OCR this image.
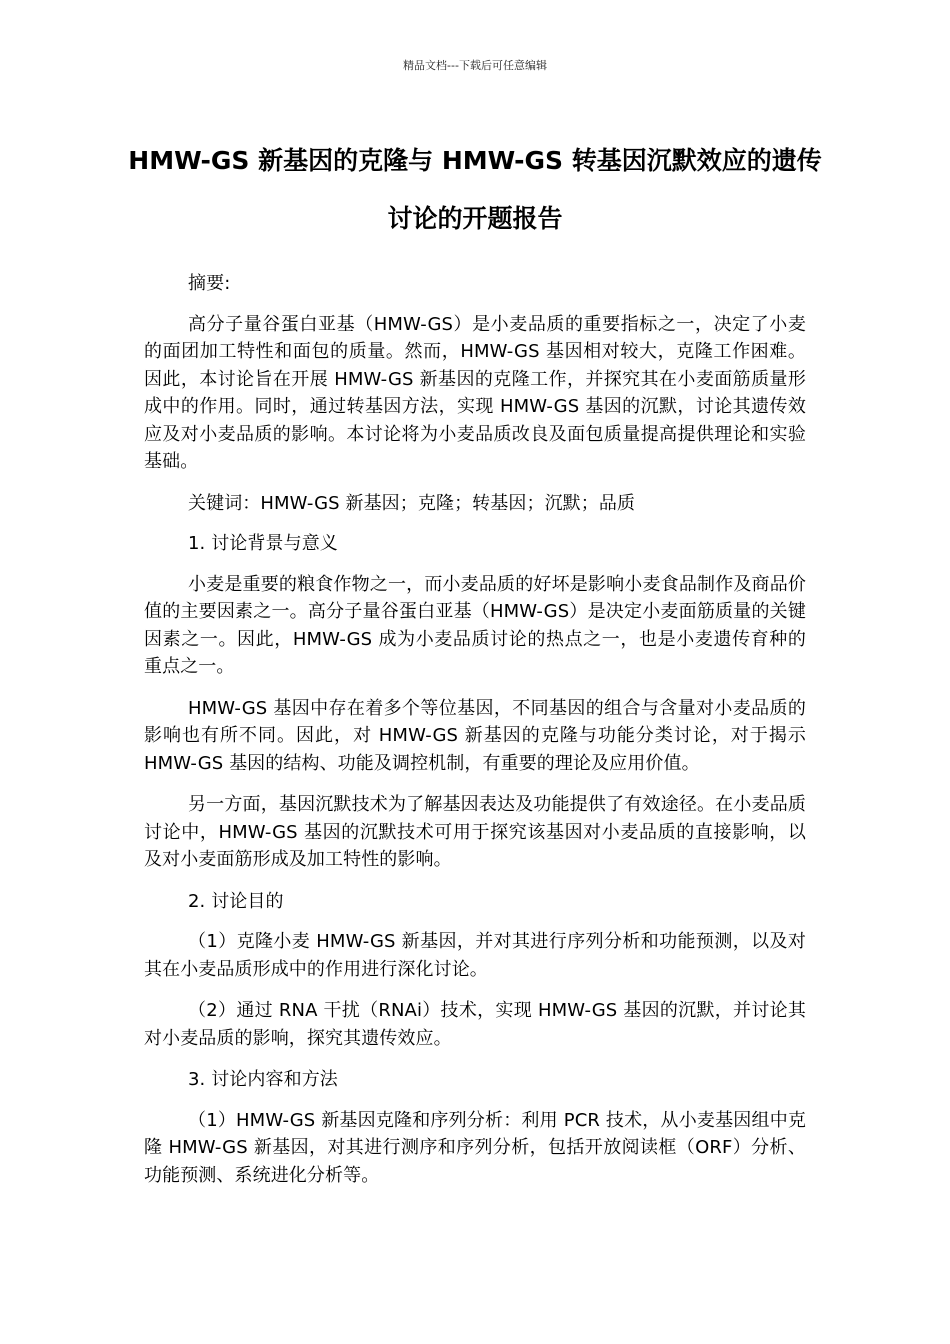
精品文档---下载后可任意编辑
HMW-GS 新基因的克隆与 HMW-GS 转基因沉默效应的遗传讨论的开题报告

摘要:

高分子量谷蛋白亚基（HMW-GS）是小麦品质的重要指标之一，决定了小麦的面团加工特性和面包的质量。然而，HMW-GS 基因相对较大，克隆工作困难。因此，本讨论旨在开展 HMW-GS 新基因的克隆工作，并探究其在小麦面筋质量形成中的作用。同时，通过转基因方法，实现 HMW-GS 基因的沉默，讨论其遗传效应及对小麦品质的影响。本讨论将为小麦品质改良及面包质量提高提供理论和实验基础。

关键词：HMW-GS 新基因；克隆；转基因；沉默；品质

1. 讨论背景与意义

小麦是重要的粮食作物之一，而小麦品质的好坏是影响小麦食品制作及商品价值的主要因素之一。高分子量谷蛋白亚基（HMW-GS）是决定小麦面筋质量的关键因素之一。因此，HMW-GS 成为小麦品质讨论的热点之一，也是小麦遗传育种的重点之一。

HMW-GS 基因中存在着多个等位基因，不同基因的组合与含量对小麦品质的影响也有所不同。因此，对 HMW-GS 新基因的克隆与功能分类讨论，对于揭示 HMW-GS 基因的结构、功能及调控机制，有重要的理论及应用价值。

另一方面，基因沉默技术为了解基因表达及功能提供了有效途径。在小麦品质讨论中，HMW-GS 基因的沉默技术可用于探究该基因对小麦品质的直接影响，以及对小麦面筋形成及加工特性的影响。

2. 讨论目的

（1）克隆小麦 HMW-GS 新基因，并对其进行序列分析和功能预测，以及对其在小麦品质形成中的作用进行深化讨论。

（2）通过 RNA 干扰（RNAi）技术，实现 HMW-GS 基因的沉默，并讨论其对小麦品质的影响，探究其遗传效应。

3. 讨论内容和方法

（1）HMW-GS 新基因克隆和序列分析：利用 PCR 技术，从小麦基因组中克隆 HMW-GS 新基因，对其进行测序和序列分析，包括开放阅读框（ORF）分析、功能预测、系统进化分析等。
